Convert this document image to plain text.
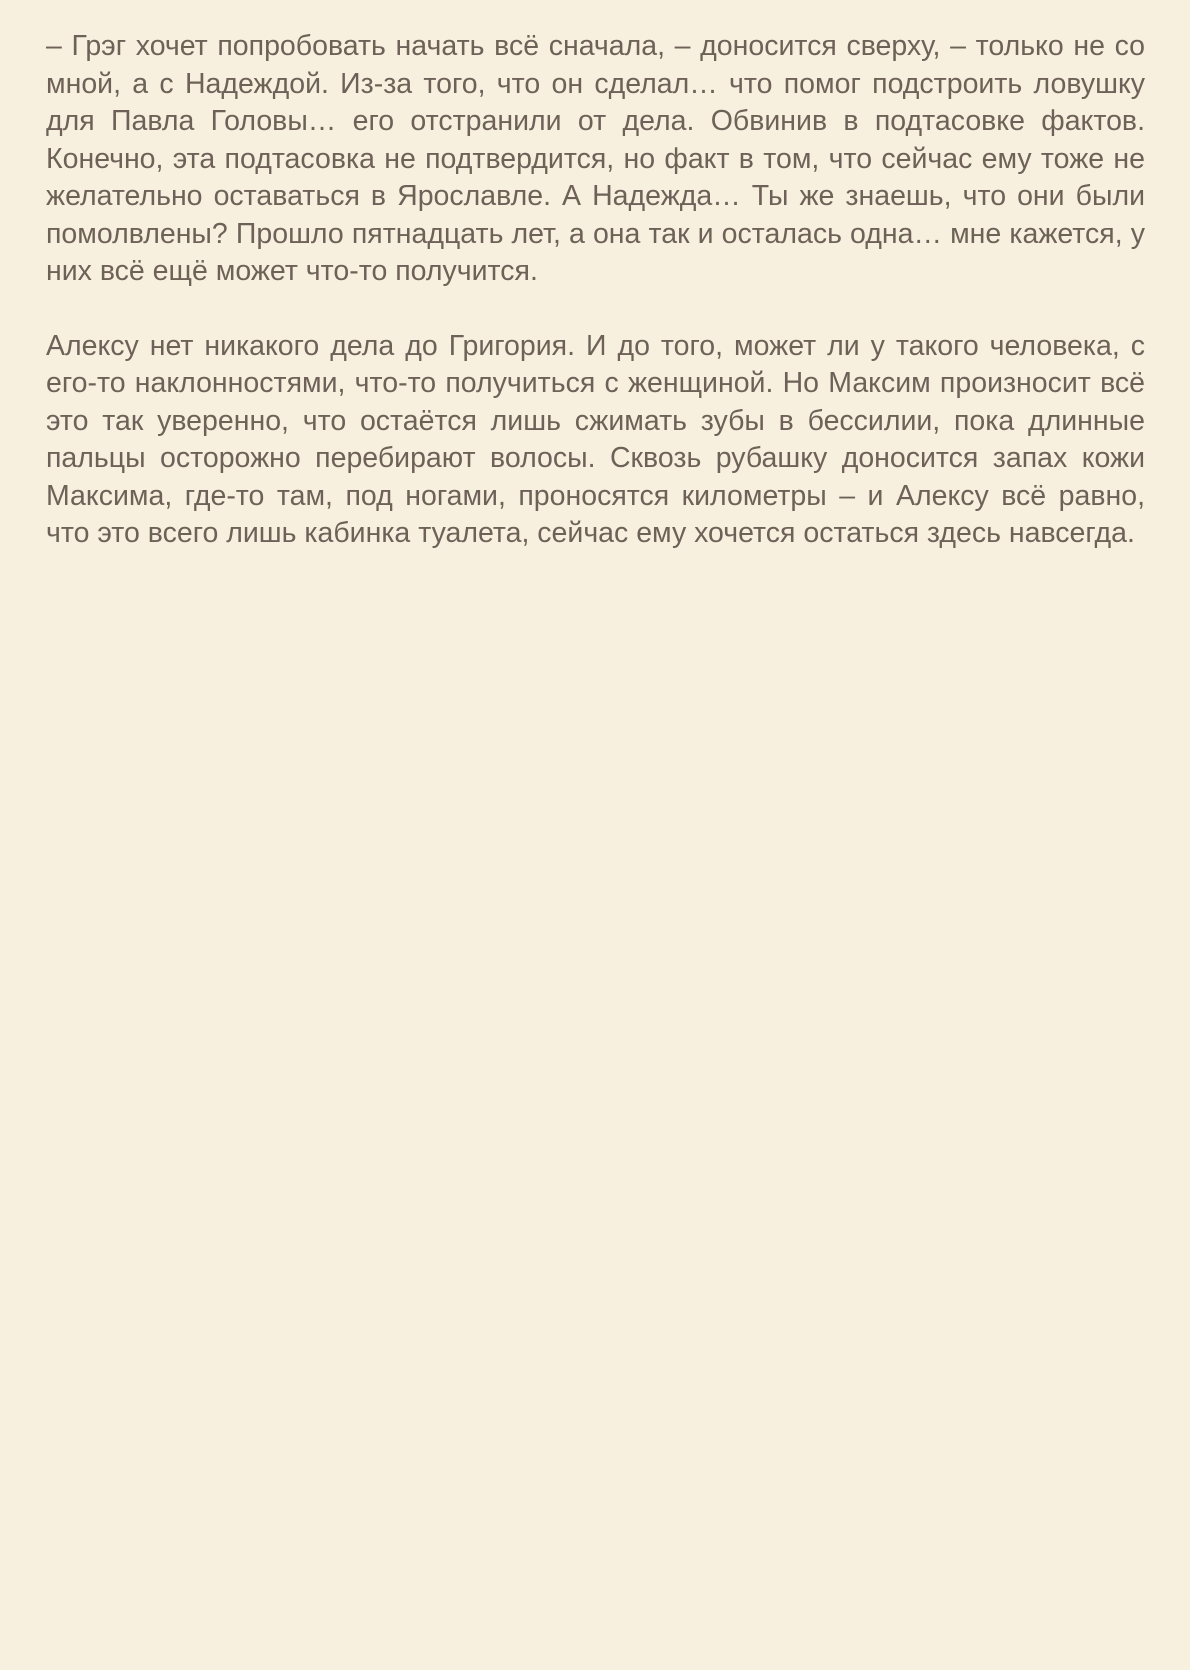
– Грэг хочет попробовать начать всё сначала, – доносится сверху, – только не со мной, а с Надеждой. Из-за того, что он сделал… что помог подстроить ловушку для Павла Головы… его отстранили от дела. Обвинив в подтасовке фактов. Конечно, эта подтасовка не подтвердится, но факт в том, что сейчас ему тоже не желательно оставаться в Ярославле. А Надежда… Ты же знаешь, что они были помолвлены? Прошло пятнадцать лет, а она так и осталась одна… мне кажется, у них всё ещё может что-то получится.

Алексу нет никакого дела до Григория. И до того, может ли у такого человека, с его-то наклонностями, что-то получиться с женщиной. Но Максим произносит всё это так уверенно, что остаётся лишь сжимать зубы в бессилии, пока длинные пальцы осторожно перебирают волосы. Сквозь рубашку доносится запах кожи Максима, где-то там, под ногами, проносятся километры – и Алексу всё равно, что это всего лишь кабинка туалета, сейчас ему хочется остаться здесь навсегда.
